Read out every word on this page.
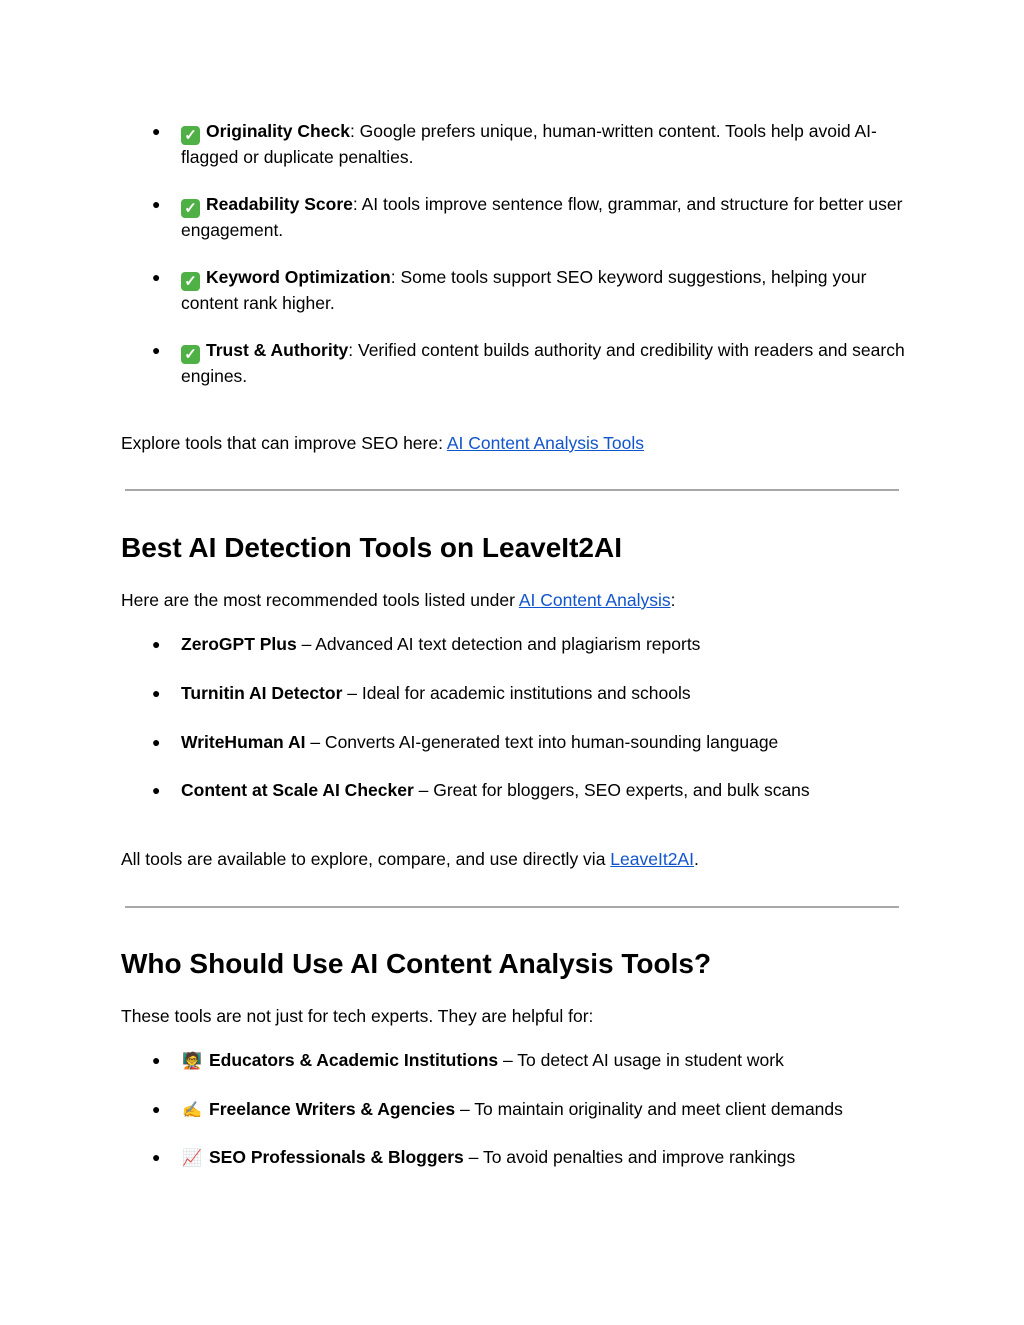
● ✓ Originality Check: Google prefers unique, human-written content. Tools help avoid AI-flagged or duplicate penalties.
● ✓ Readability Score: AI tools improve sentence flow, grammar, and structure for better user engagement.
● ✓ Keyword Optimization: Some tools support SEO keyword suggestions, helping your content rank higher.
● ✓ Trust & Authority: Verified content builds authority and credibility with readers and search engines.
Explore tools that can improve SEO here: AI Content Analysis Tools
Best AI Detection Tools on LeaveIt2AI
Here are the most recommended tools listed under AI Content Analysis:
● ZeroGPT Plus – Advanced AI text detection and plagiarism reports
● Turnitin AI Detector – Ideal for academic institutions and schools
● WriteHuman AI – Converts AI-generated text into human-sounding language
● Content at Scale AI Checker – Great for bloggers, SEO experts, and bulk scans
All tools are available to explore, compare, and use directly via LeaveIt2AI.
Who Should Use AI Content Analysis Tools?
These tools are not just for tech experts. They are helpful for:
● 🧑‍🏫 Educators & Academic Institutions – To detect AI usage in student work
● ✍ Freelance Writers & Agencies – To maintain originality and meet client demands
● 📈 SEO Professionals & Bloggers – To avoid penalties and improve rankings
